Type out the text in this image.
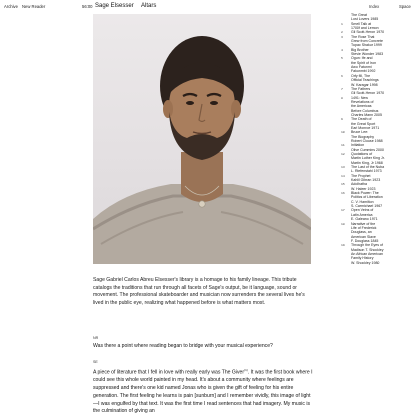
Archive New Reader	56:00 Sage Elsesser Altars	Space

Sage Gabriel Carlos Abreu Elsesser's library is a homage to his family lineage. This tribute catalogs the traditions that run through all facets of Sage's output, be it language, sound or movement. The professional skateboarder and musician now surrenders the several lives he's lived in the public eye, realizing what happened before is what matters most.

NR

Was there a point where reading began to bridge with your musical experience?

SE

A piece of literature that I fell in love with really early was The Giver$^{(1)}$. It was the first book where I could see this whole world painted in my head. It's about a community where feelings are suppressed and there's one kid named Jonas who is given the gift of feeling for his entire generation. The first feeling he learns is pain [sunburn] and I remember vividly, this image of light—I was engulfed by that text. It was the first time I read sentences that had imagery. My music is the culmination of giving an

Index
The Great
Lost Lovers 1985
1	Smell Talk at
1700f and Lemon
2	Gil Scott-Heron 1970
3	The Rose That
Grew from Concrete
Tupac Shakur 1999
4	Big Brother
Stevie Wonder 1983
5	Ogun: Ife and
the Spirit of Iron
Awo Fatunmi
Fakunmbi 1992
6	Orfy fill, The
Official Teachings
W. Karagar 1998
7	The Fathers
Gil Scott-Heron 1970
8	1491: New
Revelations of
the Americas
Before Columbus
Charles Mann 2005
9	The Death of
the Great Sport
Earl Monroe 1971
10	Bruce Lee:
The Biography
Robert Clouse 1988
11	Initiation
Olive Cummins 2000
12	Quotations of
Martin Luther King Jr.
Martin King, Jr 1968
13	The Last of the Nuba
L. Riefenstahl 1973
14	The Prophet
Kahlil Gibran 1923
15	Adolhatha
W. Haleer 1923
16	Black Power: The
Politics of Liberation
C. V. Hamilton
S. Carmichael 1967
17	Open Veins of
Latin America
E. Galeano 1971
18	Narrative of the
Life of Frederick
Douglass, an
American Slave
F. Douglass 1845
19	Through the Eyes of
Madison T. Shockley
An African American
Family History
W. Shockley 1980
